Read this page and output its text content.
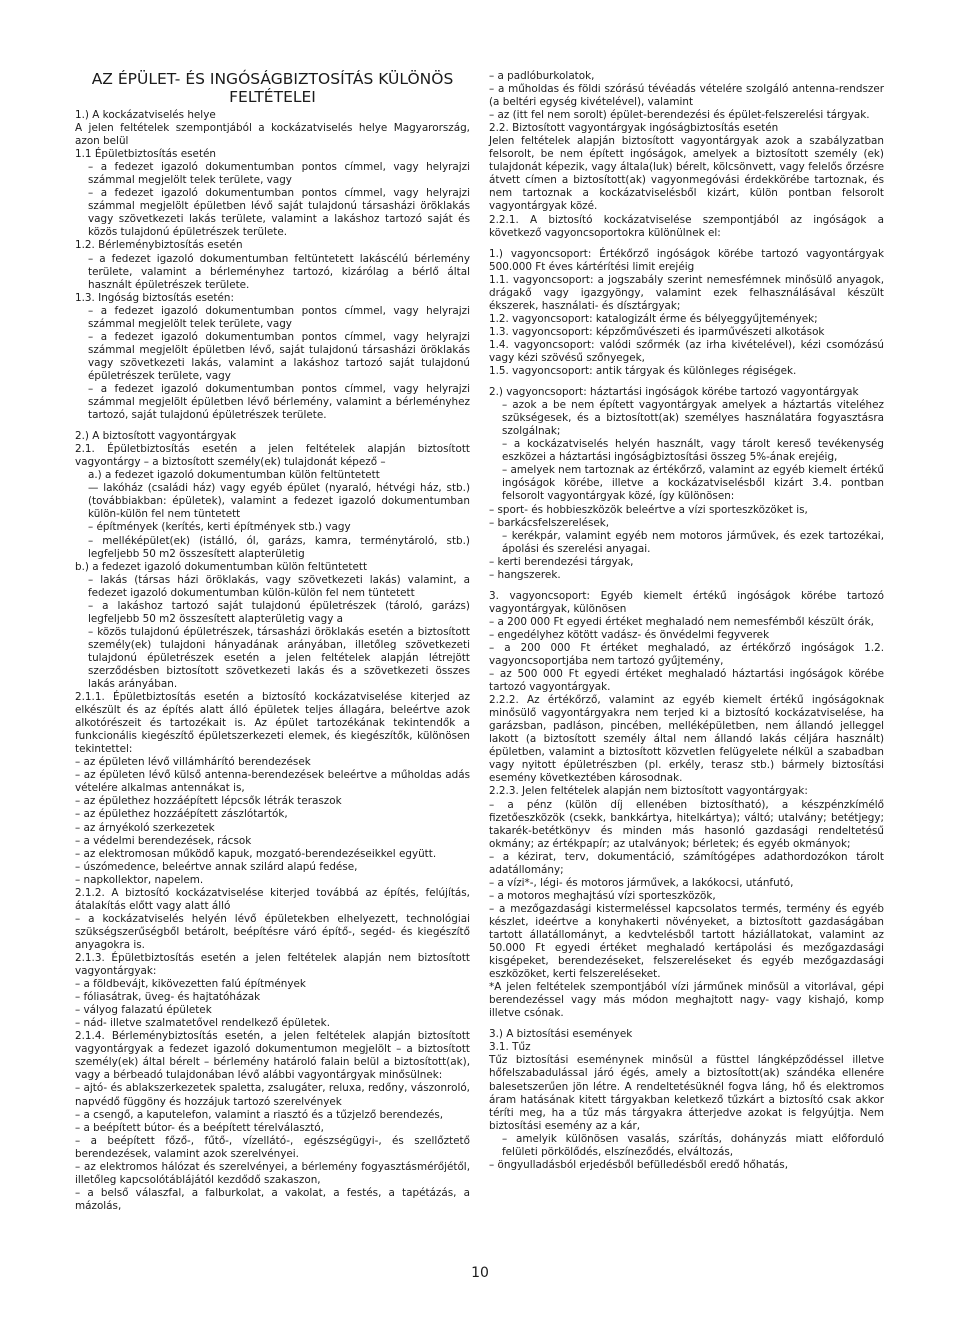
AZ ÉPÜLET- ÉS INGÓSÁGBIZTOSÍTÁS KÜLÖNÖS FELTÉTELEI

1.) A kockázatviselés helye

A jelen feltételek szempontjából a kockázatviselés helye Magyarország, azon belül

1.1 Épületbiztosítás esetén

– a fedezet igazoló dokumentumban pontos címmel, vagy helyrajzi számmal megjelölt telek területe, vagy

– a fedezet igazoló dokumentumban pontos címmel, vagy helyrajzi számmal megjelölt épületben lévő saját tulajdonú társasházi öröklakás vagy szövetkezeti lakás területe, valamint a lakáshoz tartozó saját és közös tulajdonú épületrészek területe.

1.2. Bérleménybiztosítás esetén

– a fedezet igazoló dokumentumban feltüntetett lakáscélú bérlemény területe, valamint a bérleményhez tartozó, kizárólag a bérlő által használt épületrészek területe.

1.3. Ingóság biztosítás esetén:

– a fedezet igazoló dokumentumban pontos címmel, vagy helyrajzi számmal megjelölt telek területe, vagy

– a fedezet igazoló dokumentumban pontos címmel, vagy helyrajzi számmal megjelölt épületben lévő, saját tulajdonú társasházi öröklakás vagy szövetkezeti lakás, valamint a lakáshoz tartozó saját tulajdonú épületrészek területe, vagy

– a fedezet igazoló dokumentumban pontos címmel, vagy helyrajzi számmal megjelölt épületben lévő bérlemény, valamint a bérleményhez tartozó, saját tulajdonú épületrészek területe.

2.) A biztosított vagyontárgyak

2.1. Épületbiztosítás esetén a jelen feltételek alapján biztosított vagyontárgy – a biztosított személy(ek) tulajdonát képező –

a.) a fedezet igazoló dokumentumban külön feltüntetett

— lakóház (családi ház) vagy egyéb épület (nyaraló, hétvégi ház, stb.) (továbbiakban: épületek), valamint a fedezet igazoló dokumentumban külön-külön fel nem tüntetett

– építmények (kerítés, kerti építmények stb.) vagy

– melléképület(ek) (istálló, ól, garázs, kamra, terménytároló, stb.) legfeljebb 50 m2 összesített alapterületig

b.) a fedezet igazoló dokumentumban külön feltüntetett

– lakás (társas házi öröklakás, vagy szövetkezeti lakás) valamint, a fedezet igazoló dokumentumban külön-külön fel nem tüntetett

– a lakáshoz tartozó saját tulajdonú épületrészek (tároló, garázs) legfeljebb 50 m2 összesített alapterületig vagy a

– közös tulajdonú épületrészek, társasházi öröklakás esetén a biztosított személy(ek) tulajdoni hányadának arányában, illetőleg szövetkezeti tulajdonú épületrészek esetén a jelen feltételek alapján létrejött szerződésben biztosított szövetkezeti lakás és a szövetkezeti összes lakás arányában.

2.1.1. Épületbiztosítás esetén a biztosító kockázatviselése kiterjed az elkészült és az építés alatt álló épületek teljes állagára, beleértve azok alkotórészeit és tartozékait is. Az épület tartozékának tekintendők a funkcionális kiegészítő épületszerkezeti elemek, és kiegészítők, különösen tekintettel:

– az épületen lévő villámhárító berendezések

– az épületen lévő külső antenna-berendezések beleértve a műholdas adás vételére alkalmas antennákat is,

– az épülethez hozzáépített lépcsők létrák teraszok

– az épülethez hozzáépített zászlótartók,

– az árnyékoló szerkezetek

– a védelmi berendezések, rácsok

– az elektromosan működő kapuk, mozgató-berendezéseikkel együtt.

– úszómedence, beleértve annak szilárd alapú fedése,

– napkollektor, napelem.

2.1.2. A biztosító kockázatviselése kiterjed továbbá az építés, felújítás, átalakítás előtt vagy alatt álló

– a kockázatviselés helyén lévő épületekben elhelyezett, technológiai szükségszerűségből betárolt, beépítésre váró építő-, segéd- és kiegészítő anyagokra is.

2.1.3. Épületbiztosítás esetén a jelen feltételek alapján nem biztosított vagyontárgyak:

– a földbevájt, kikövezetten falú építmények

– fóliasátrak, üveg- és hajtatóházak

– vályog falazatú épületek

– nád- illetve szalmatetővel rendelkező épületek.

2.1.4. Bérleménybiztosítás esetén, a jelen feltételek alapján biztosított vagyontárgyak a fedezet igazoló dokumentumon megjelölt – a biztosított személy(ek) által bérelt – bérlemény határoló falain belül a biztosított(ak), vagy a bérbeadó tulajdonában lévő alábbi vagyontárgyak minősülnek:

– ajtó- és ablakszerkezetek spaletta, zsalugáter, reluxa, redőny, vászonroló, napvédő függöny és hozzájuk tartozó szerelvények

– a csengő, a kaputelefon, valamint a riasztó és a tűzjelző berendezés,

– a beépített bútor- és a beépített térelválasztó,

– a beépített főző-, fűtő-, vízellátó-, egészségügyi-, és szellőztető berendezések, valamint azok szerelvényei.

– az elektromos hálózat és szerelvényei, a bérlemény fogyasztásmérőjétől, illetőleg kapcsolótáblájától kezdődő szakaszon,

– a belső válaszfal, a falburkolat, a vakolat, a festés, a tapétázás, a mázolás,

– a padlóburkolatok,

– a műholdas és földi szórású tévéadás vételére szolgáló antenna-rendszer (a beltéri egység kivételével), valamint

– az (itt fel nem sorolt) épület-berendezési és épület-felszerelési tárgyak.

2.2. Biztosított vagyontárgyak ingóságbiztosítás esetén

Jelen feltételek alapján biztosított vagyontárgyak azok a szabályzatban felsorolt, be nem épített ingóságok, amelyek a biztosított személy (ek) tulajdonát képezik, vagy általa(luk) bérelt, kölcsönvett, vagy felelős őrzésre átvett címen a biztosított(ak) vagyonmegóvási érdekkörébe tartoznak, és nem tartoznak a kockázatviselésből kizárt, külön pontban felsorolt vagyontárgyak közé.

2.2.1. A biztosító kockázatviselése szempontjából az ingóságok a következő vagyoncsoportokra különülnek el:

1.) vagyoncsoport: Értékőrző ingóságok körébe tartozó vagyontárgyak 500.000 Ft éves kártérítési limit erejéig

1.1. vagyoncsoport: a jogszabály szerint nemesfémnek minősülő anyagok, drágakő vagy igazgyöngy, valamint ezek felhasználásával készült ékszerek, használati- és dísztárgyak;

1.2. vagyoncsoport: katalogizált érme és bélyeggyűjtemények;

1.3. vagyoncsoport: képzőművészeti és iparművészeti alkotások

1.4. vagyoncsoport: valódi szőrmék (az irha kivételével), kézi csomózású vagy kézi szövésű szőnyegek,

1.5. vagyoncsoport: antik tárgyak és különleges régiségek.

2.) vagyoncsoport: háztartási ingóságok körébe tartozó vagyontárgyak

– azok a be nem épített vagyontárgyak amelyek a háztartás viteléhez szükségesek, és a biztosított(ak) személyes használatára fogyasztásra szolgálnak;

– a kockázatviselés helyén használt, vagy tárolt kereső tevékenység eszközei a háztartási ingóságbiztosítási összeg 5%-ának erejéig,

– amelyek nem tartoznak az értékőrző, valamint az egyéb kiemelt értékű ingóságok körébe, illetve a kockázatviselésből kizárt 3.4. pontban felsorolt vagyontárgyak közé, így különösen:

– sport- és hobbieszközök beleértve a vízi sporteszközöket is,

– barkácsfelszerelések,

– kerékpár, valamint egyéb nem motoros járművek, és ezek tartozékai, ápolási és szerelési anyagai.

– kerti berendezési tárgyak,

– hangszerek.

3. vagyoncsoport: Egyéb kiemelt értékű ingóságok körébe tartozó vagyontárgyak, különösen

– a 200 000 Ft egyedi értéket meghaladó nem nemesfémből készült órák,

– engedélyhez kötött vadász- és önvédelmi fegyverek

– a 200 000 Ft értéket meghaladó, az értékőrző ingóságok 1.2. vagyoncsoportjába nem tartozó gyűjtemény,

– az 500 000 Ft egyedi értéket meghaladó háztartási ingóságok körébe tartozó vagyontárgyak.

2.2.2. Az értékőrző, valamint az egyéb kiemelt értékű ingóságoknak minősülő vagyontárgyakra nem terjed ki a biztosító kockázatviselése, ha garázsban, padláson, pincében, melléképületben, nem állandó jelleggel lakott (a biztosított személy által nem állandó lakás céljára használt) épületben, valamint a biztosított közvetlen felügyelete nélkül a szabadban vagy nyitott épületrészben (pl. erkély, terasz stb.) bármely biztosítási esemény következtében károsodnak.

2.2.3. Jelen feltételek alapján nem biztosított vagyontárgyak:

– a pénz (külön díj ellenében biztosítható), a készpénzkímélő fizetőeszközök (csekk, bankkártya, hitelkártya); váltó; utalvány; betétjegy; takarék-betétkönyv és minden más hasonló gazdasági rendeltetésű okmány; az értékpapír; az utalványok; bérletek; és egyéb okmányok;

– a kézirat, terv, dokumentáció, számítógépes adathordozókon tárolt adatállomány;

– a vízi*-, légi- és motoros járművek, a lakókocsi, utánfutó,

– a motoros meghajtású vízi sporteszközök,

– a mezőgazdasági kistermeléssel kapcsolatos termés, termény és egyéb készlet, ideértve a konyhakerti növényeket, a biztosított gazdaságában tartott állatállományt, a kedvtelésből tartott háziállatokat, valamint az 50.000 Ft egyedi értéket meghaladó kertápolási és mezőgazdasági kisgépeket, berendezéseket, felszereléseket és egyéb mezőgazdasági eszközöket, kerti felszereléseket.

*A jelen feltételek szempontjából vízi járműnek minősül a vitorlával, gépi berendezéssel vagy más módon meghajtott nagy- vagy kishajó, komp illetve csónak.

3.) A biztosítási események

3.1. Tűz

Tűz biztosítási eseménynek minősül a füsttel lángképződéssel illetve hőfelszabadulással járó égés, amely a biztosított(ak) szándéka ellenére balesetszerűen jön létre. A rendeltetésüknél fogva láng, hő és elektromos áram hatásának kitett tárgyakban keletkező tűzkárt a biztosító csak akkor téríti meg, ha a tűz más tárgyakra átterjedve azokat is felgyújtja. Nem biztosítási esemény az a kár,

– amelyik különösen vasalás, szárítás, dohányzás miatt előforduló felületi pörkölődés, elszíneződés, elváltozás,

– öngyulladásból erjedésből befülledésből eredő hőhatás,

10
